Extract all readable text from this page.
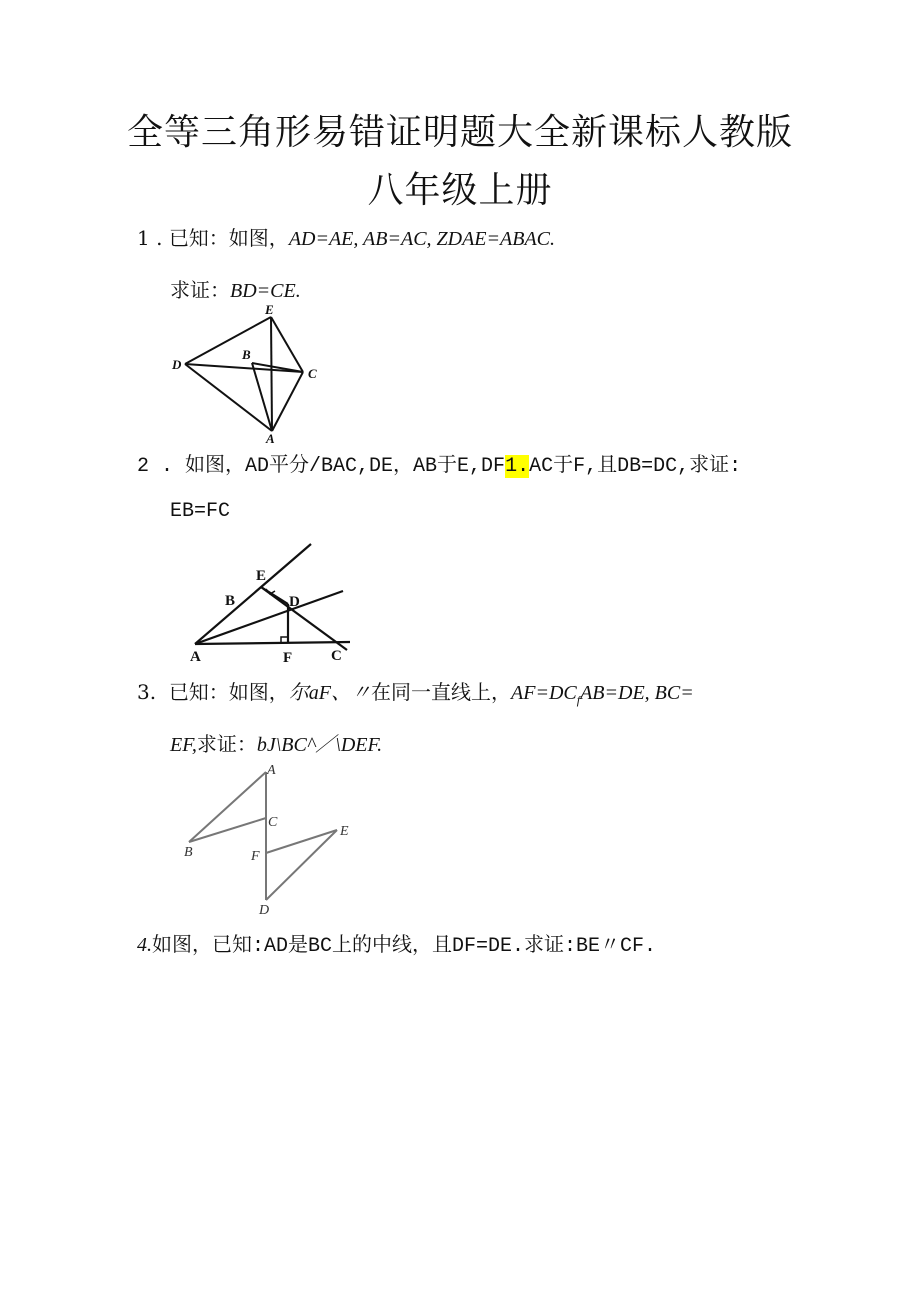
全等三角形易错证明题大全新课标人教版
八年级上册
1 . 已知：如图，AD=AE, AB=AC, ZDAE=ABAC.
求证：BD=CE.
E
D
B
C
A
2 . 如图，AD平分/BAC,DE，AB于E,DF1.AC于F,且DB=DC,求证:
EB=FC
E
B	D
A	F	C
3. 已知：如图，尔aF、〃在同一直线上，$AF=DC_fAB=DE$, BC=
EF,求证：bJ\BC^／\DEF.
A
C
E
B	F
D
4.如图，已知:AD是BC上的中线，且DF=DE.求证:BE〃CF.
